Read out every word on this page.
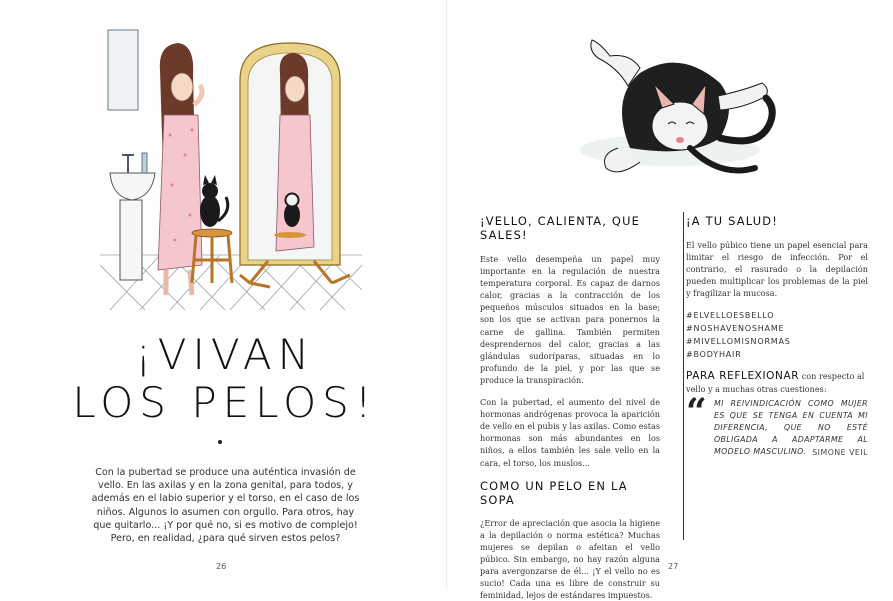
¡VIVAN
LOS PELOS!

Con la pubertad se produce una auténtica invasión de vello. En las axilas y en la zona genital, para todos, y además en el labio superior y el torso, en el caso de los niños. Algunos lo asumen con orgullo. Para otros, hay que quitarlo... ¡Y por qué no, si es motivo de complejo! Pero, en realidad, ¿para qué sirven estos pelos?

26
¡VELLO, CALIENTA, QUE SALES!

Este vello desempeña un papel muy importante en la regulación de nuestra temperatura corporal. Es capaz de darnos calor, gracias a la contracción de los pequeños músculos situados en la base; son los que se activan para ponernos la carne de gallina. También permiten desprendernos del calor, gracias a las glándulas sudoríparas, situadas en lo profundo de la piel, y por las que se produce la transpiración.

Con la pubertad, el aumento del nivel de hormonas andrógenas provoca la aparición de vello en el pubis y las axilas. Como estas hormonas son más abundantes en los niños, a ellos también les sale vello en la cara, el torso, los muslos...

COMO UN PELO EN LA SOPA

¿Error de apreciación que asocia la higiene a la depilación o norma estética? Muchas mujeres se depilan o afeitan el vello púbico. Sin embargo, no hay razón alguna para avergonzarse de él... ¡Y el vello no es sucio! Cada una es libre de construir su feminidad, lejos de estándares impuestos.

¡A TU SALUD!

El vello púbico tiene un papel esencial para limitar el riesgo de infección. Por el contrario, el rasurado o la depilación pueden multiplicar los problemas de la piel y fragilizar la mucosa.

#ELVELLOESBELLO
#NOSHAVENOSHAME
#MIVELLOMISNORMAS
#BODYHAIR

PARA REFLEXIONAR con respecto al vello y a muchas otras cuestiones:

“ MI REIVINDICACIÓN COMO MUJER ES QUE SE TENGA EN CUENTA MI DIFERENCIA, QUE NO ESTÉ OBLIGADA A ADAPTARME AL MODELO MASCULINO. SIMONE VEIL
27
